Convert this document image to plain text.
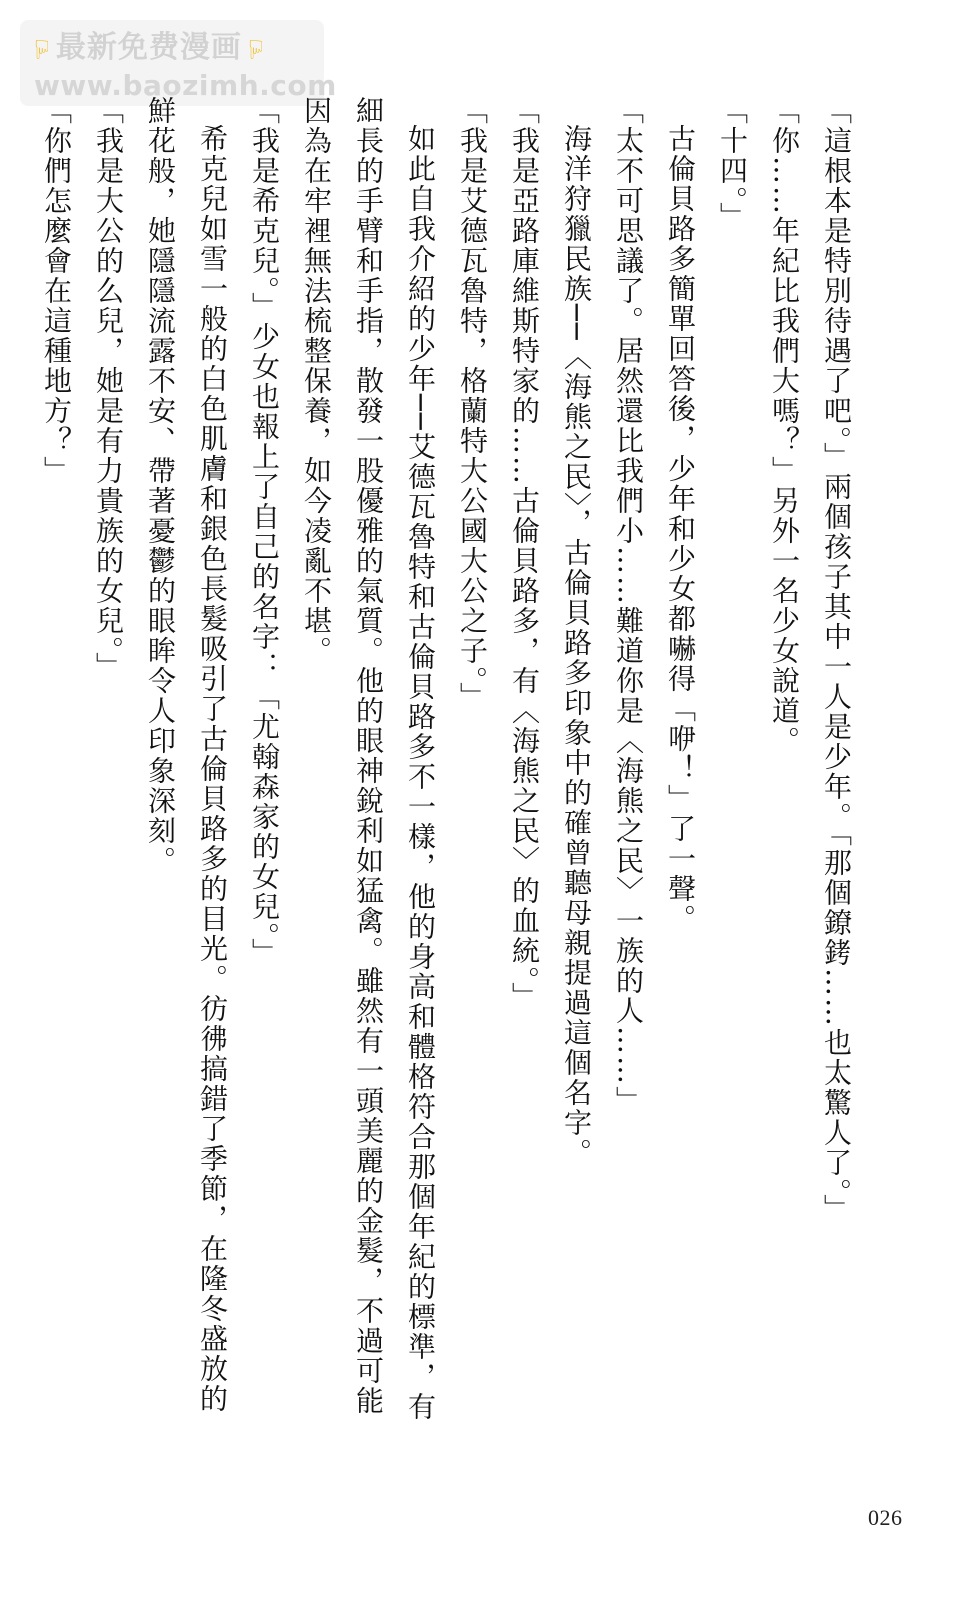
☝ 最新免费漫画 ☝
www.baozimh.com

「這根本是特別待遇了吧。」兩個孩子其中一人是少年。「那個鐐銬……也太驚人了。」

「你……年紀比我們大嗎？」另外一名少女說道。

「十四。」

古倫貝路多簡單回答後，少年和少女都嚇得「咿！」了一聲。

「太不可思議了。居然還比我們小……難道你是〈海熊之民〉一族的人……」

海洋狩獵民族──〈海熊之民〉，古倫貝路多印象中的確曾聽母親提過這個名字。

「我是亞路庫維斯特家的……古倫貝路多，有〈海熊之民〉的血統。」

「我是艾德瓦魯特，格蘭特大公國大公之子。」

如此自我介紹的少年──艾德瓦魯特和古倫貝路多不一樣，他的身高和體格符合那個年紀的標準，有細長的手臂和手指，散發一股優雅的氣質。他的眼神銳利如猛禽。雖然有一頭美麗的金髮，不過可能因為在牢裡無法梳整保養，如今凌亂不堪。

「我是希克兒。」少女也報上了自己的名字：「尤翰森家的女兒。」

希克兒如雪一般的白色肌膚和銀色長髮吸引了古倫貝路多的目光。彷彿搞錯了季節，在隆冬盛放的鮮花般，她隱隱流露不安、帶著憂鬱的眼眸令人印象深刻。

「我是大公的么兒，她是有力貴族的女兒。」

「你們怎麼會在這種地方？」

026
